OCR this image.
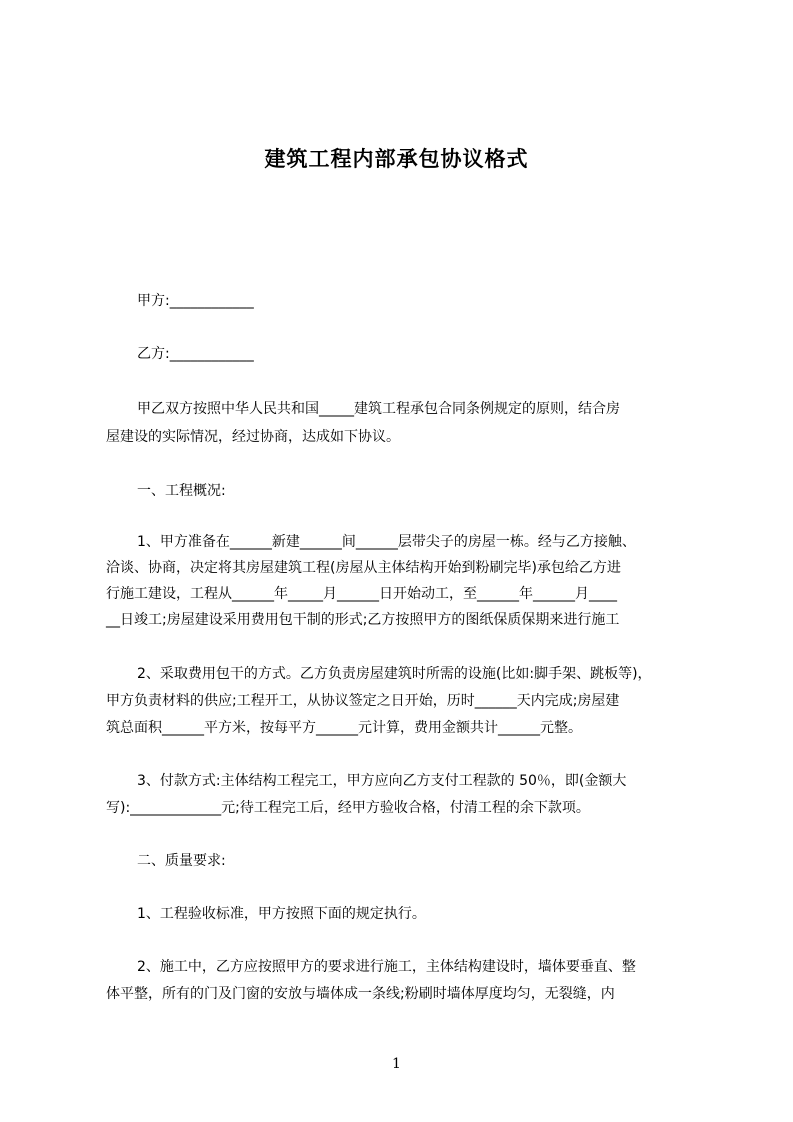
建筑工程内部承包协议格式
甲方:____________
乙方:____________
甲乙双方按照中华人民共和国_____建筑工程承包合同条例规定的原则，结合房
屋建设的实际情况，经过协商，达成如下协议。
一、工程概况:
1、甲方准备在______新建______间______层带尖子的房屋一栋。经与乙方接触、
洽谈、协商，决定将其房屋建筑工程(房屋从主体结构开始到粉刷完毕)承包给乙方进
行施工建设，工程从______年_____月______日开始动工，至______年______月____
__日竣工;房屋建设采用费用包干制的形式;乙方按照甲方的图纸保质保期来进行施工
2、采取费用包干的方式。乙方负责房屋建筑时所需的设施(比如:脚手架、跳板等)，
甲方负责材料的供应;工程开工，从协议签定之日开始，历时______天内完成;房屋建
筑总面积______平方米，按每平方______元计算，费用金额共计______元整。
3、付款方式:主体结构工程完工，甲方应向乙方支付工程款的 50％，即(金额大
写):_____________元;待工程完工后，经甲方验收合格，付清工程的余下款项。
二、质量要求:
1、工程验收标准，甲方按照下面的规定执行。
2、施工中，乙方应按照甲方的要求进行施工，主体结构建设时，墙体要垂直、整
体平整，所有的门及门窗的安放与墙体成一条线;粉刷时墙体厚度均匀，无裂缝，内
1
